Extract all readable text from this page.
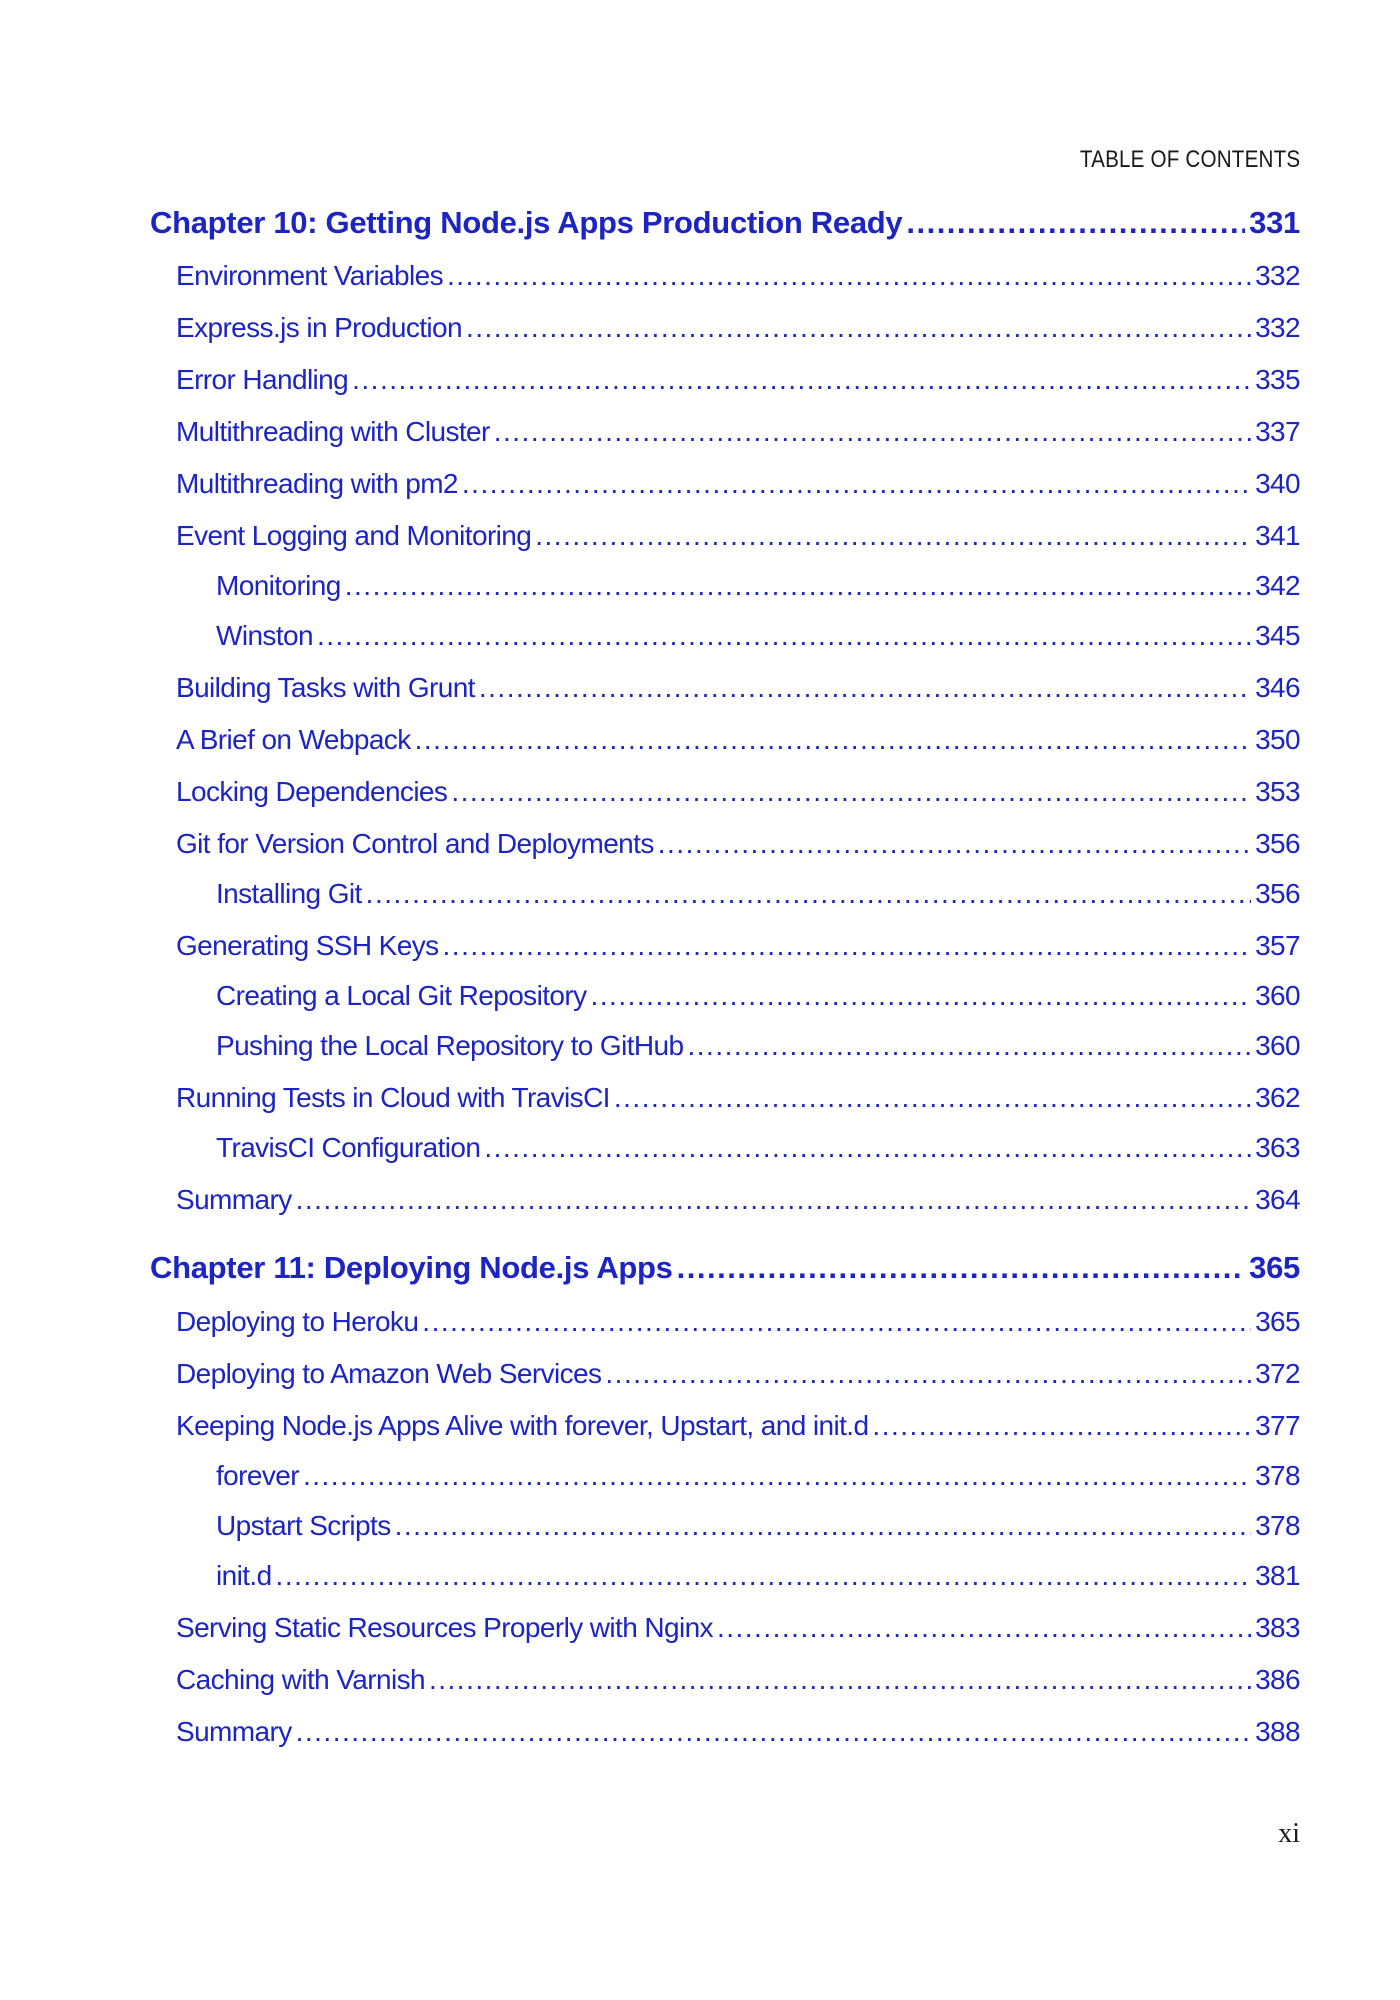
TABLE OF CONTENTS
Chapter 10: Getting Node.js Apps Production Ready .....	331
Environment Variables .....	332
Express.js in Production .....	332
Error Handling .....	335
Multithreading with Cluster .....	337
Multithreading with pm2 .....	340
Event Logging and Monitoring .....	341
Monitoring .....	342
Winston .....	345
Building Tasks with Grunt .....	346
A Brief on Webpack .....	350
Locking Dependencies .....	353
Git for Version Control and Deployments .....	356
Installing Git .....	356
Generating SSH Keys .....	357
Creating a Local Git Repository .....	360
Pushing the Local Repository to GitHub .....	360
Running Tests in Cloud with TravisCI .....	362
TravisCI Configuration .....	363
Summary .....	364
Chapter 11: Deploying Node.js Apps .....	365
Deploying to Heroku .....	365
Deploying to Amazon Web Services .....	372
Keeping Node.js Apps Alive with forever, Upstart, and init.d .....	377
forever .....	378
Upstart Scripts .....	378
init.d .....	381
Serving Static Resources Properly with Nginx .....	383
Caching with Varnish .....	386
Summary .....	388
xi
